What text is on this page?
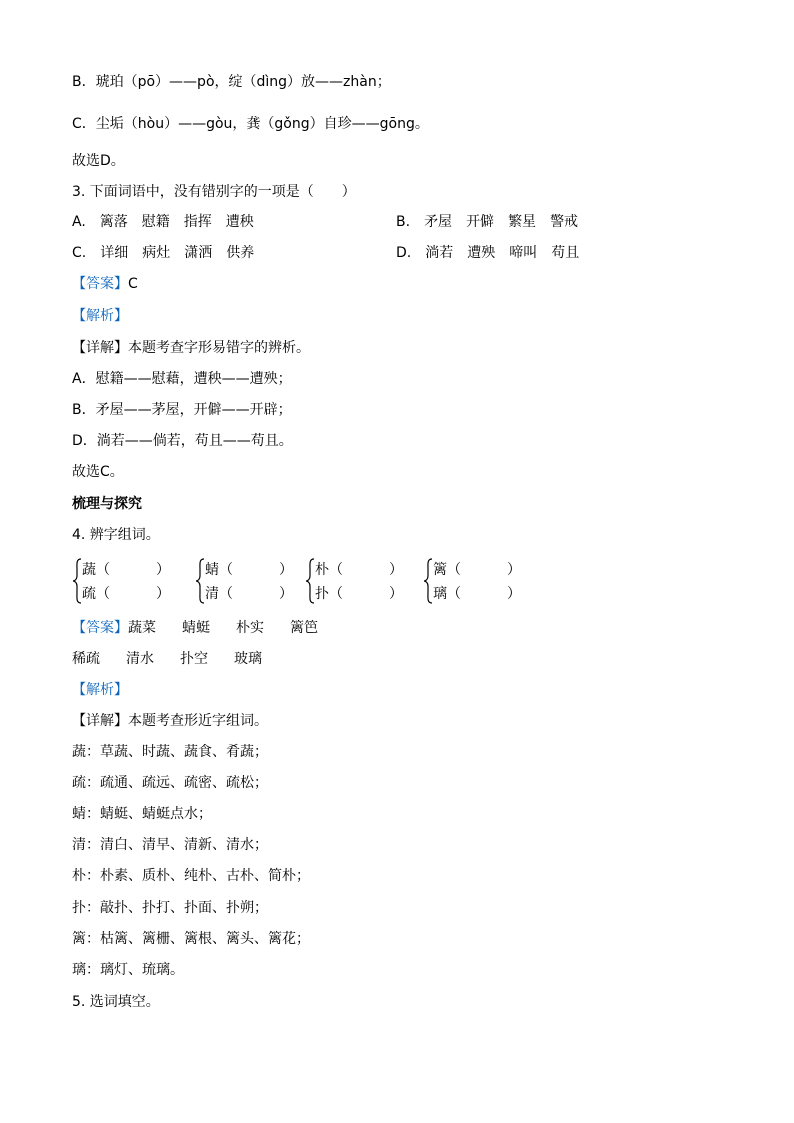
B．琥珀（pō）——pò，绽（dìng）放——zhàn；
C．尘垢（hòu）——gòu，龚（gǒng）自珍——gōng。
故选D。
3. 下面词语中，没有错别字的一项是（　　）
A. 篱落 慰籍 指挥 遭秧	B. 矛屋 开僻 繁星 警戒
C. 详细 病灶 潇洒 供养	D. 淌若 遭殃 啼叫 苟且
【答案】C
【解析】
【详解】本题考查字形易错字的辨析。
A．慰籍——慰藉，遭秧——遭殃；
B．矛屋——茅屋，开僻——开辟；
D．淌若——倘若，苟且——苟且。
故选C。
梳理与探究
4. 辨字组词。
蔬（	）
疏（	）
蜻（	）
清（	）
朴（	）
扑（	）
篱（	）
璃（	）
【答案】蔬菜 蜻蜓 朴实 篱笆
稀疏 清水 扑空 玻璃
【解析】
【详解】本题考查形近字组词。
蔬：草蔬、时蔬、蔬食、肴蔬；
疏：疏通、疏远、疏密、疏松；
蜻：蜻蜓、蜻蜓点水；
清：清白、清早、清新、清水；
朴：朴素、质朴、纯朴、古朴、简朴；
扑：敲扑、扑打、扑面、扑朔；
篱：枯篱、篱栅、篱根、篱头、篱花；
璃：璃灯、琉璃。
5. 选词填空。
